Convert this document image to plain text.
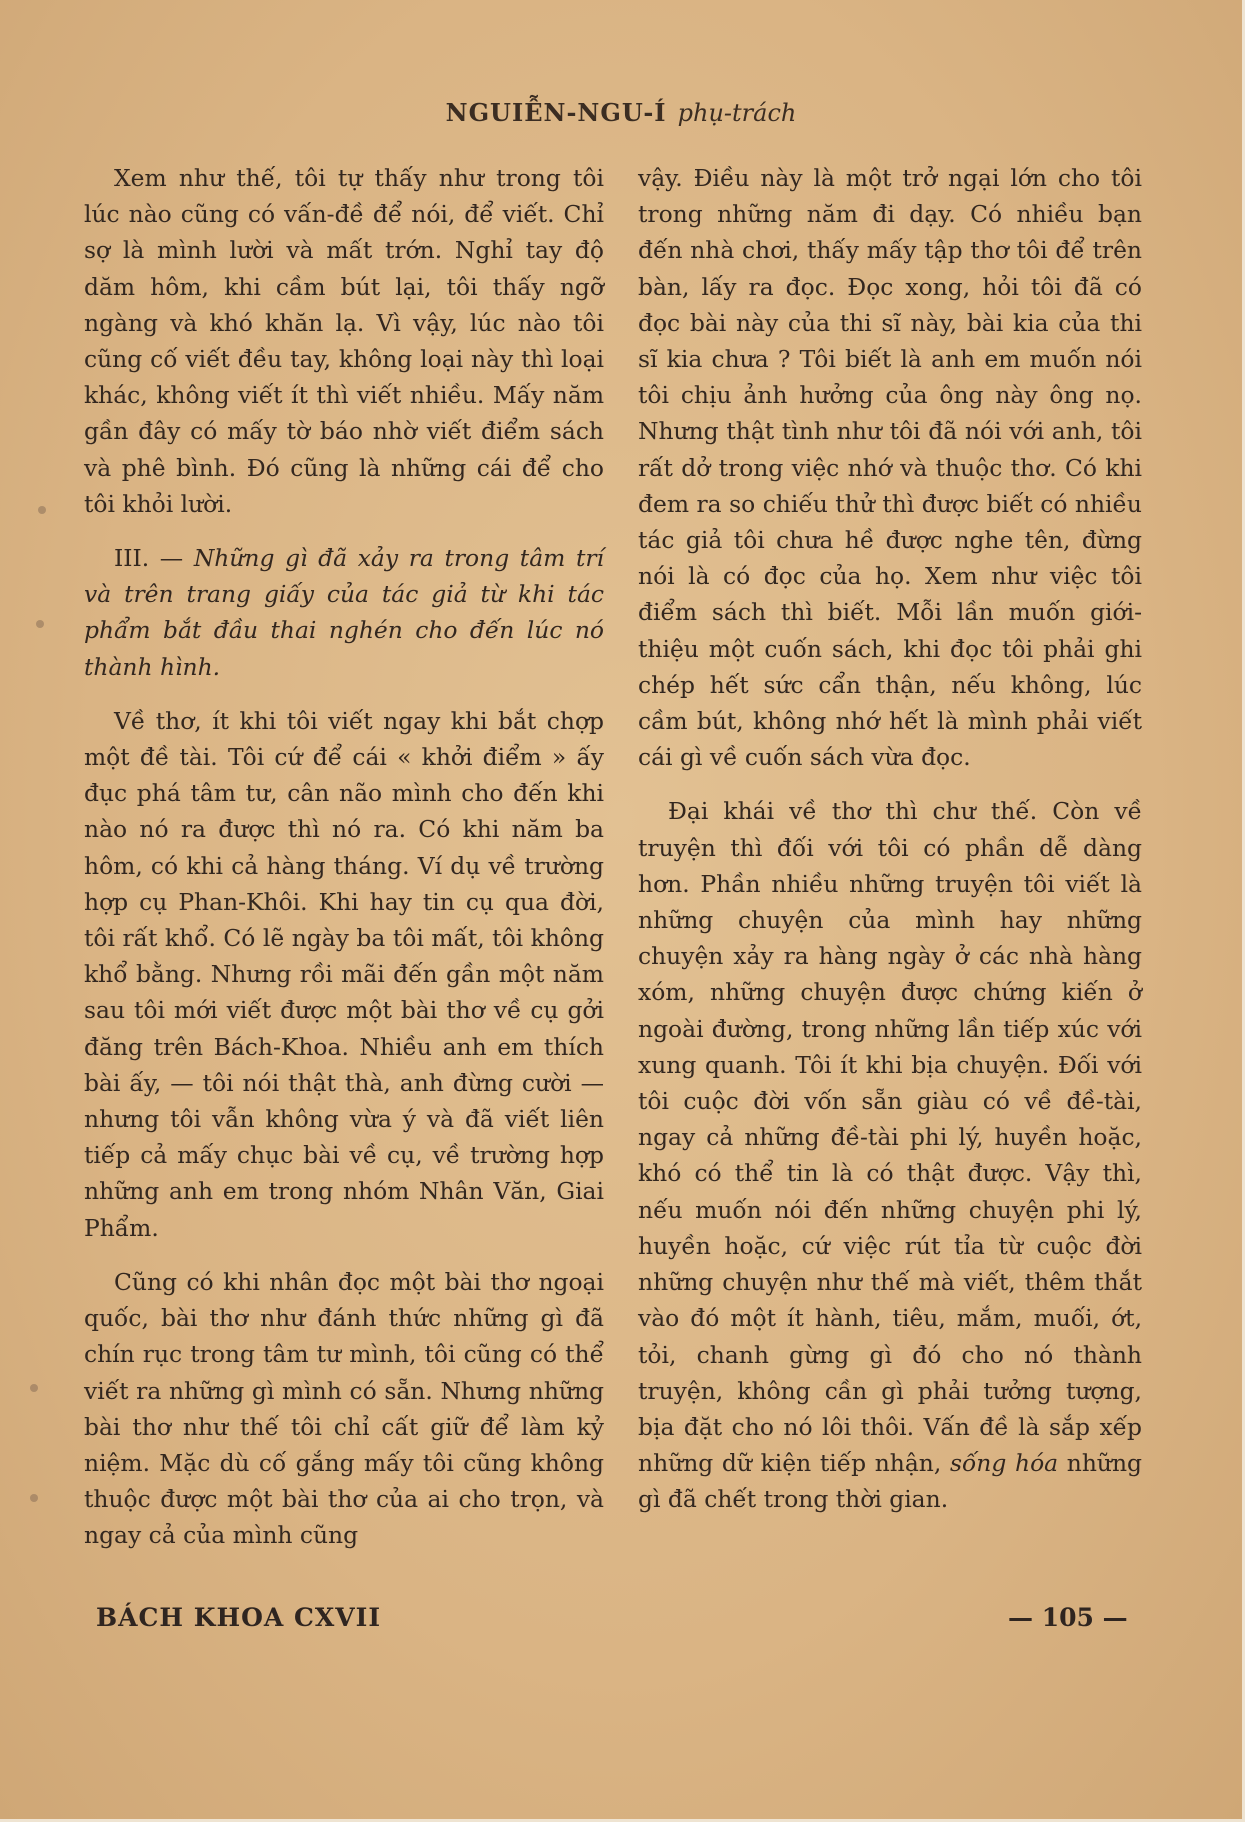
NGUIỄN-NGU-Í phụ-trách

Xem như thế, tôi tự thấy như trong tôi lúc nào cũng có vấn-đề để nói, để viết. Chỉ sợ là mình lười và mất trớn. Nghỉ tay độ dăm hôm, khi cầm bút lại, tôi thấy ngỡ ngàng và khó khăn lạ. Vì vậy, lúc nào tôi cũng cố viết đều tay, không loại này thì loại khác, không viết ít thì viết nhiều. Mấy năm gần đây có mấy tờ báo nhờ viết điểm sách và phê bình. Đó cũng là những cái để cho tôi khỏi lười.

III. — Những gì đã xảy ra trong tâm trí và trên trang giấy của tác giả từ khi tác phẩm bắt đầu thai nghén cho đến lúc nó thành hình.

Về thơ, ít khi tôi viết ngay khi bắt chợp một đề tài. Tôi cứ để cái « khởi điểm » ấy đục phá tâm tư, cân não mình cho đến khi nào nó ra được thì nó ra. Có khi năm ba hôm, có khi cả hàng tháng. Ví dụ về trường hợp cụ Phan-Khôi. Khi hay tin cụ qua đời, tôi rất khổ. Có lẽ ngày ba tôi mất, tôi không khổ bằng. Nhưng rồi mãi đến gần một năm sau tôi mới viết được một bài thơ về cụ gởi đăng trên Bách-Khoa. Nhiều anh em thích bài ấy, — tôi nói thật thà, anh đừng cười — nhưng tôi vẫn không vừa ý và đã viết liên tiếp cả mấy chục bài về cụ, về trường hợp những anh em trong nhóm Nhân Văn, Giai Phẩm.

Cũng có khi nhân đọc một bài thơ ngoại quốc, bài thơ như đánh thức những gì đã chín rục trong tâm tư mình, tôi cũng có thể viết ra những gì mình có sẵn. Nhưng những bài thơ như thế tôi chỉ cất giữ để làm kỷ niệm. Mặc dù cố gắng mấy tôi cũng không thuộc được một bài thơ của ai cho trọn, và ngay cả của mình cũng

vậy. Điều này là một trở ngại lớn cho tôi trong những năm đi dạy. Có nhiều bạn đến nhà chơi, thấy mấy tập thơ tôi để trên bàn, lấy ra đọc. Đọc xong, hỏi tôi đã có đọc bài này của thi sĩ này, bài kia của thi sĩ kia chưa ? Tôi biết là anh em muốn nói tôi chịu ảnh hưởng của ông này ông nọ. Nhưng thật tình như tôi đã nói với anh, tôi rất dở trong việc nhớ và thuộc thơ. Có khi đem ra so chiếu thử thì được biết có nhiều tác giả tôi chưa hề được nghe tên, đừng nói là có đọc của họ. Xem như việc tôi điểm sách thì biết. Mỗi lần muốn giới-thiệu một cuốn sách, khi đọc tôi phải ghi chép hết sức cẩn thận, nếu không, lúc cầm bút, không nhớ hết là mình phải viết cái gì về cuốn sách vừa đọc.

Đại khái về thơ thì chư thế. Còn về truyện thì đối với tôi có phần dễ dàng hơn. Phần nhiều những truyện tôi viết là những chuyện của mình hay những chuyện xảy ra hàng ngày ở các nhà hàng xóm, những chuyện được chứng kiến ở ngoài đường, trong những lần tiếp xúc với xung quanh. Tôi ít khi bịa chuyện. Đối với tôi cuộc đời vốn sẵn giàu có về đề-tài, ngay cả những đề-tài phi lý, huyền hoặc, khó có thể tin là có thật được. Vậy thì, nếu muốn nói đến những chuyện phi lý, huyền hoặc, cứ việc rút tỉa từ cuộc đời những chuyện như thế mà viết, thêm thắt vào đó một ít hành, tiêu, mắm, muối, ớt, tỏi, chanh gừng gì đó cho nó thành truyện, không cần gì phải tưởng tượng, bịa đặt cho nó lôi thôi. Vấn đề là sắp xếp những dữ kiện tiếp nhận, sống hóa những gì đã chết trong thời gian.

BÁCH KHOA CXVII	— 105 —
